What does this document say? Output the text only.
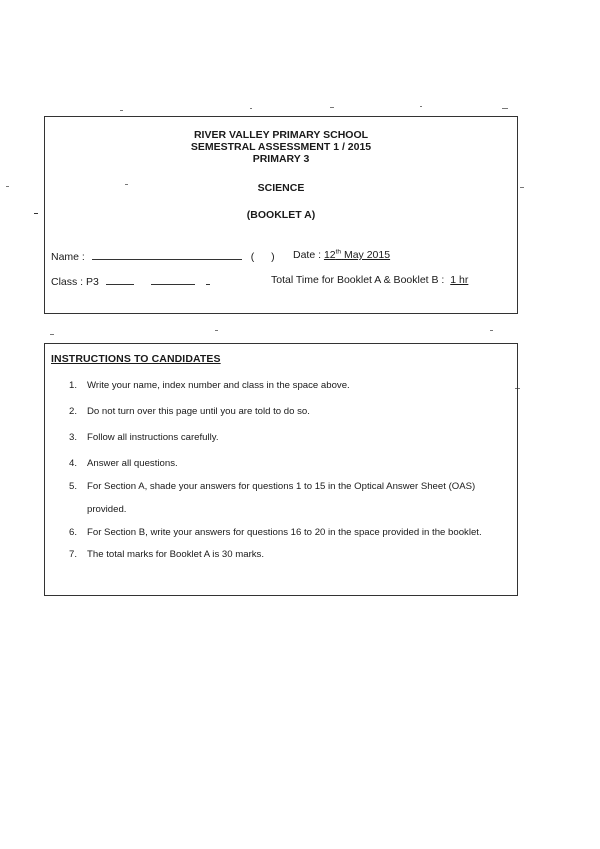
RIVER VALLEY PRIMARY SCHOOL
SEMESTRAL ASSESSMENT 1 / 2015
PRIMARY 3
SCIENCE
(BOOKLET A)
Name :	( ) Date : 12th May 2015
Class : P3	Total Time for Booklet A & Booklet B : 1 hr
INSTRUCTIONS TO CANDIDATES
1. Write your name, index number and class in the space above.
2. Do not turn over this page until you are told to do so.
3. Follow all instructions carefully.
4. Answer all questions.
5. For Section A, shade your answers for questions 1 to 15 in the Optical Answer Sheet (OAS)
provided.
6. For Section B, write your answers for questions 16 to 20 in the space provided in the booklet.
7. The total marks for Booklet A is 30 marks.
